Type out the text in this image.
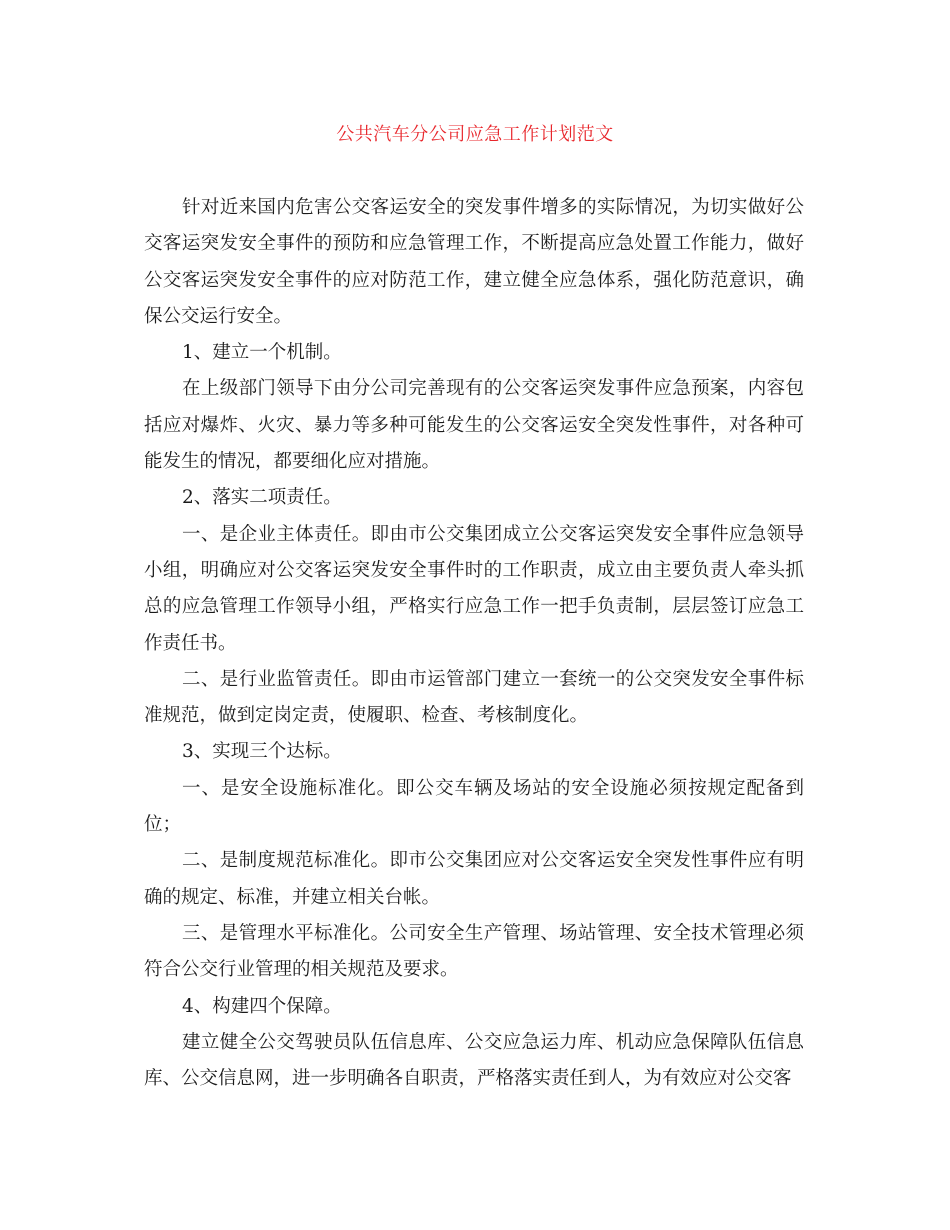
公共汽车分公司应急工作计划范文

针对近来国内危害公交客运安全的突发事件增多的实际情况，为切实做好公交客运突发安全事件的预防和应急管理工作，不断提高应急处置工作能力，做好公交客运突发安全事件的应对防范工作，建立健全应急体系，强化防范意识，确保公交运行安全。

1、建立一个机制。

在上级部门领导下由分公司完善现有的公交客运突发事件应急预案，内容包括应对爆炸、火灾、暴力等多种可能发生的公交客运安全突发性事件，对各种可能发生的情况，都要细化应对措施。

2、落实二项责任。

一、是企业主体责任。即由市公交集团成立公交客运突发安全事件应急领导小组，明确应对公交客运突发安全事件时的工作职责，成立由主要负责人牵头抓总的应急管理工作领导小组，严格实行应急工作一把手负责制，层层签订应急工作责任书。

二、是行业监管责任。即由市运管部门建立一套统一的公交突发安全事件标准规范，做到定岗定责，使履职、检查、考核制度化。

3、实现三个达标。

一、是安全设施标准化。即公交车辆及场站的安全设施必须按规定配备到位；

二、是制度规范标准化。即市公交集团应对公交客运安全突发性事件应有明确的规定、标准，并建立相关台帐。

三、是管理水平标准化。公司安全生产管理、场站管理、安全技术管理必须符合公交行业管理的相关规范及要求。

4、构建四个保障。

建立健全公交驾驶员队伍信息库、公交应急运力库、机动应急保障队伍信息库、公交信息网，进一步明确各自职责，严格落实责任到人，为有效应对公交客
